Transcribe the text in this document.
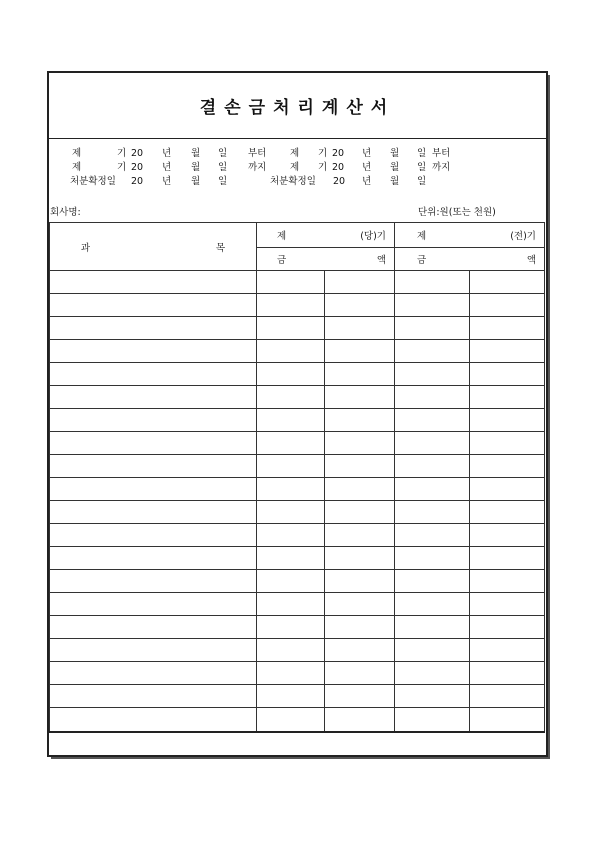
결손금처리계산서
제	기 20 년 월 일 부터 제 기 20 년 월 일 부터
제	기 20 년 월 일 까지 제 기 20 년 월 일 까지
처분확정일 20 년 월 일	처분확정일 20 년 월 일
회사명:	단위:원(또는 천원)
과 목	제 (당)기		제 (전)기	

	금 액		금 액	
